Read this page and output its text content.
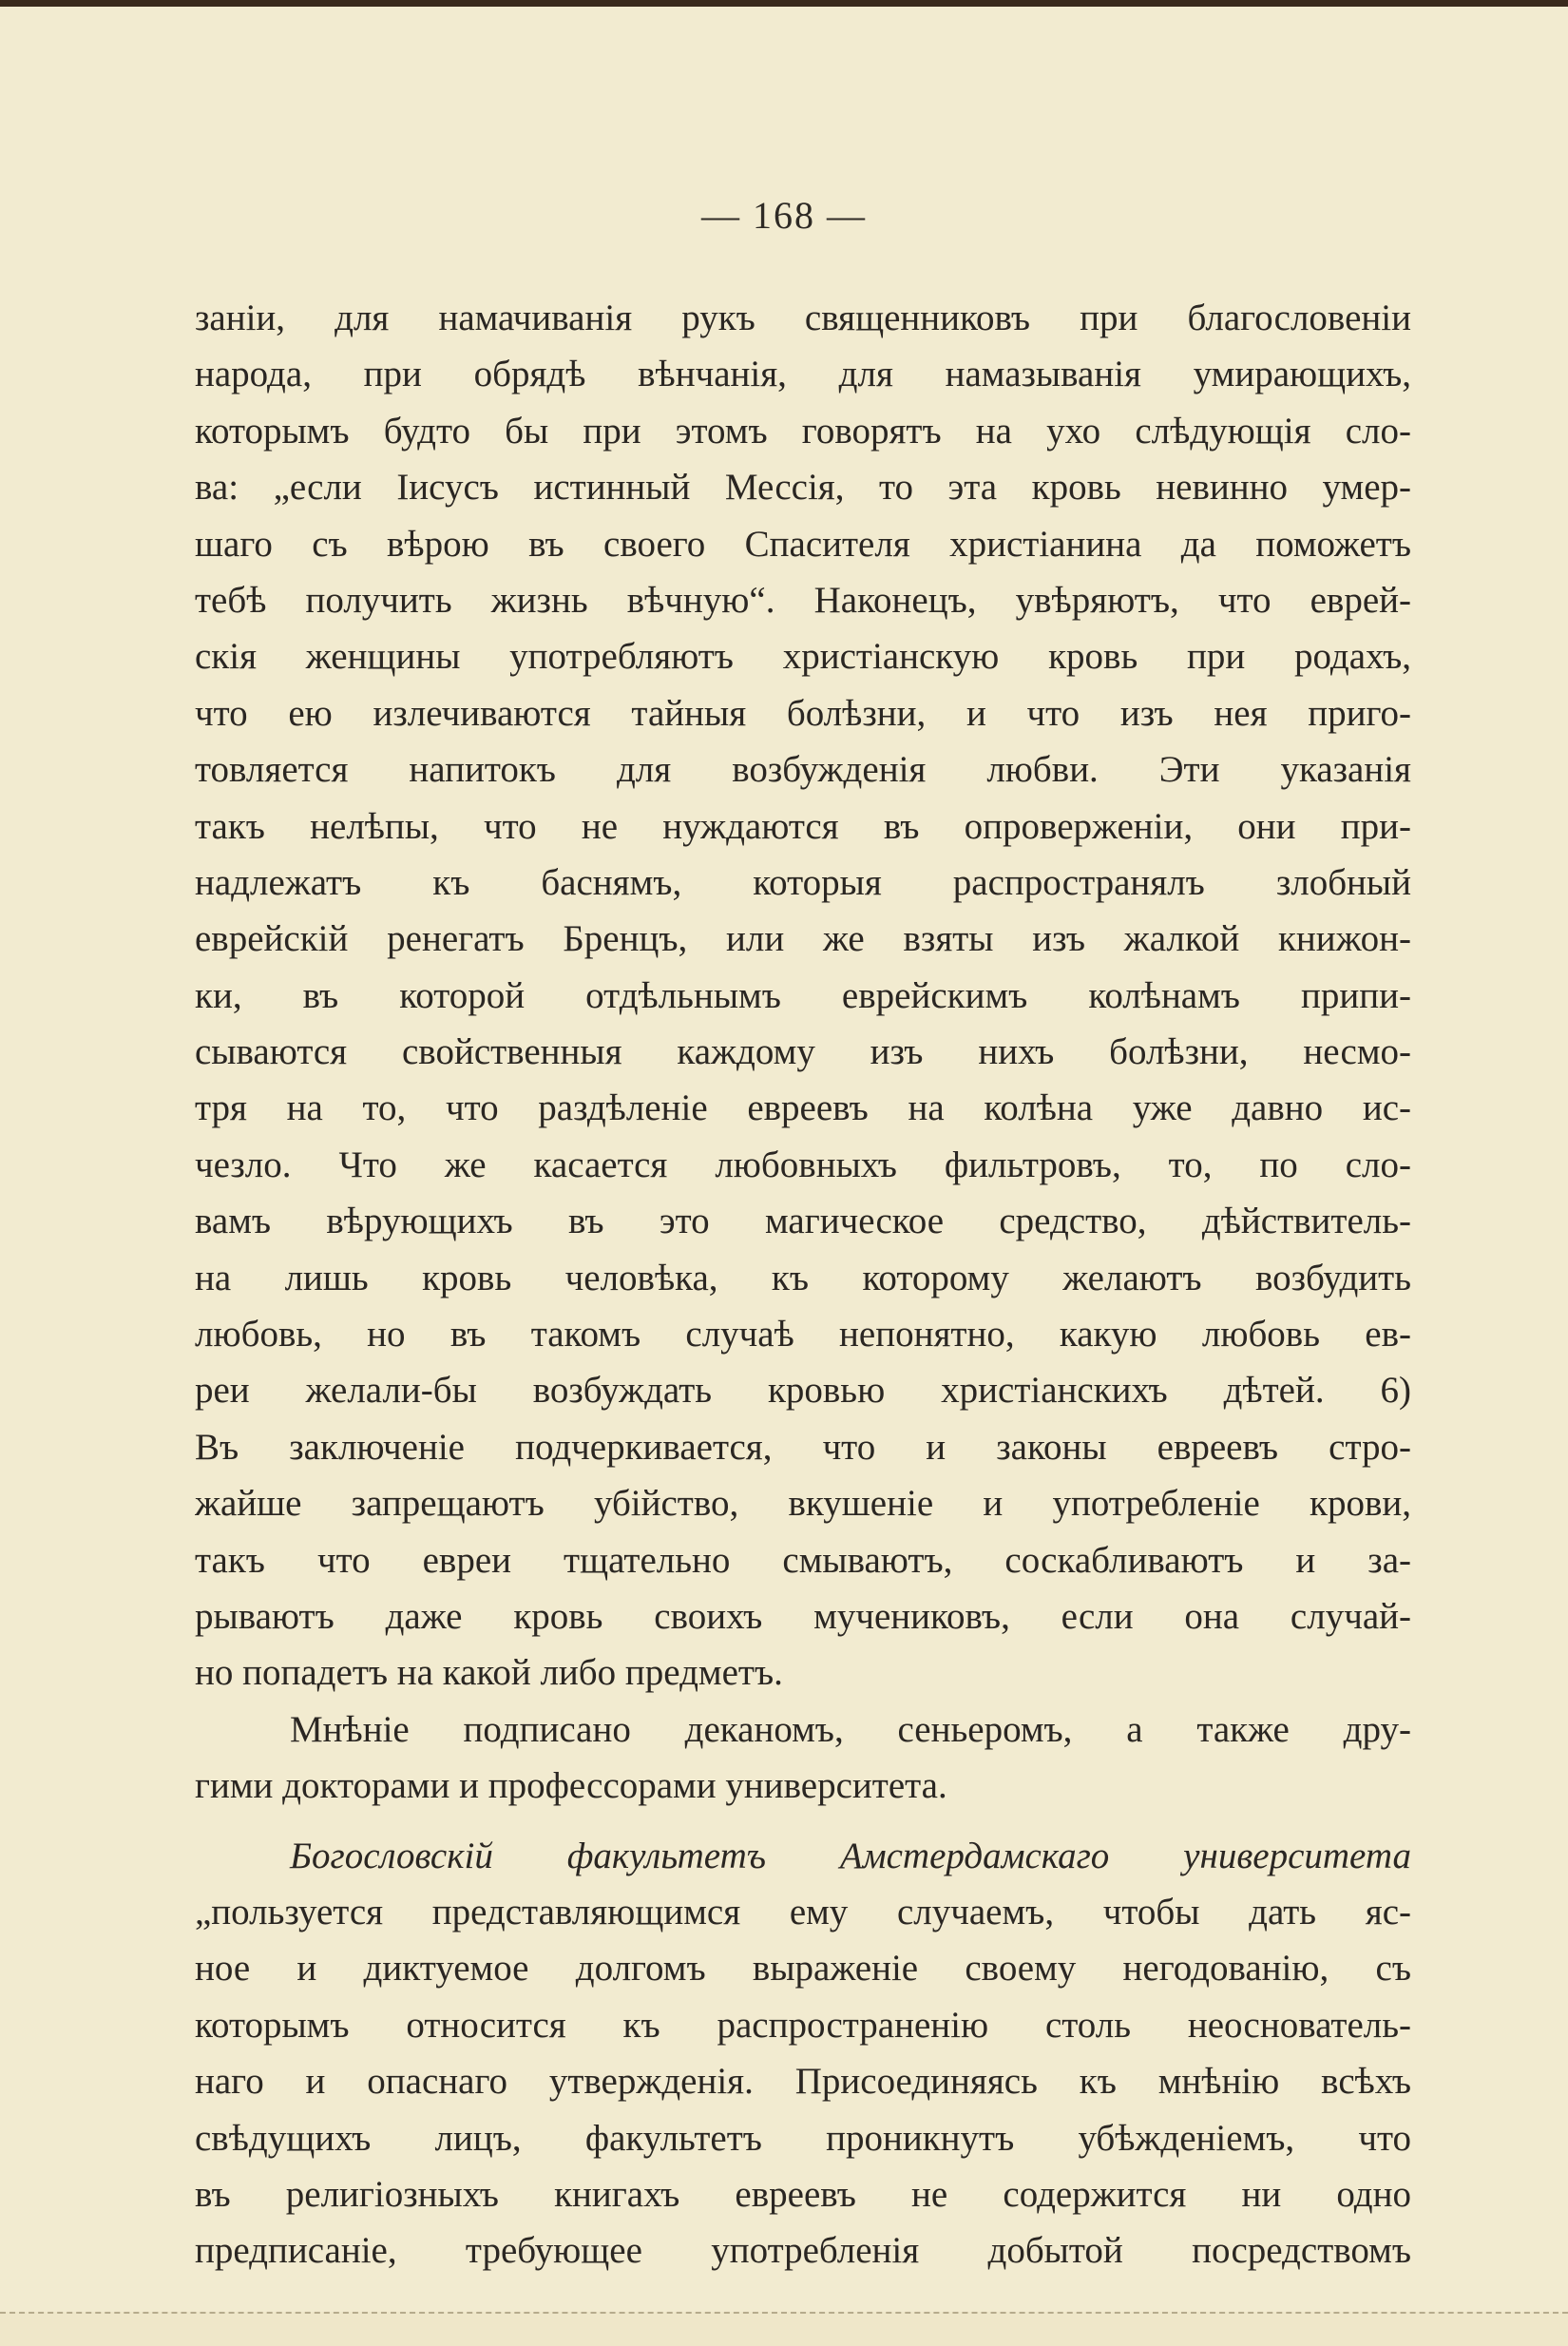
— 168 —
заніи, для намачиванія рукъ священниковъ при благословеніи
народа, при обрядѣ вѣнчанія, для намазыванія умирающихъ,
которымъ будто бы при этомъ говорятъ на ухо слѣдующія сло-
ва: „если Іисусъ истинный Мессія, то эта кровь невинно умер-
шаго съ вѣрою въ своего Спасителя христіанина да поможетъ
тебѣ получить жизнь вѣчную“. Наконецъ, увѣряютъ, что еврей-
скія женщины употребляютъ христіанскую кровь при родахъ,
что ею излечиваются тайныя болѣзни, и что изъ нея приго-
товляется напитокъ для возбужденія любви. Эти указанія
такъ нелѣпы, что не нуждаются въ опроверженіи, они при-
надлежатъ къ баснямъ, которыя распространялъ злобный
еврейскій ренегатъ Бренцъ, или же взяты изъ жалкой книжон-
ки, въ которой отдѣльнымъ еврейскимъ колѣнамъ припи-
сываются свойственныя каждому изъ нихъ болѣзни, несмо-
тря на то, что раздѣленіе евреевъ на колѣна уже давно ис-
чезло. Что же касается любовныхъ фильтровъ, то, по сло-
вамъ вѣрующихъ въ это магическое средство, дѣйствитель-
на лишь кровь человѣка, къ которому желаютъ возбудить
любовь, но въ такомъ случаѣ непонятно, какую любовь ев-
реи желали-бы возбуждать кровью христіанскихъ дѣтей. 6)
Въ заключеніе подчеркивается, что и законы евреевъ стро-
жайше запрещаютъ убійство, вкушеніе и употребленіе крови,
такъ что евреи тщательно смываютъ, соскабливаютъ и за-
рываютъ даже кровь своихъ мучениковъ, если она случай-
но попадетъ на какой либо предметъ.
Мнѣніе подписано деканомъ, сеньеромъ, а также дру-
гими докторами и профессорами университета.
Богословскій факультетъ Амстердамскаго университета
„пользуется представляющимся ему случаемъ, чтобы дать яс-
ное и диктуемое долгомъ выраженіе своему негодованію, съ
которымъ относится къ распространенію столь неоснователь-
наго и опаснаго утвержденія. Присоединяясь къ мнѣнію всѣхъ
свѣдущихъ лицъ, факультетъ проникнутъ убѣжденіемъ, что
въ религіозныхъ книгахъ евреевъ не содержится ни одно
предписаніе, требующее употребленія добытой посредствомъ
